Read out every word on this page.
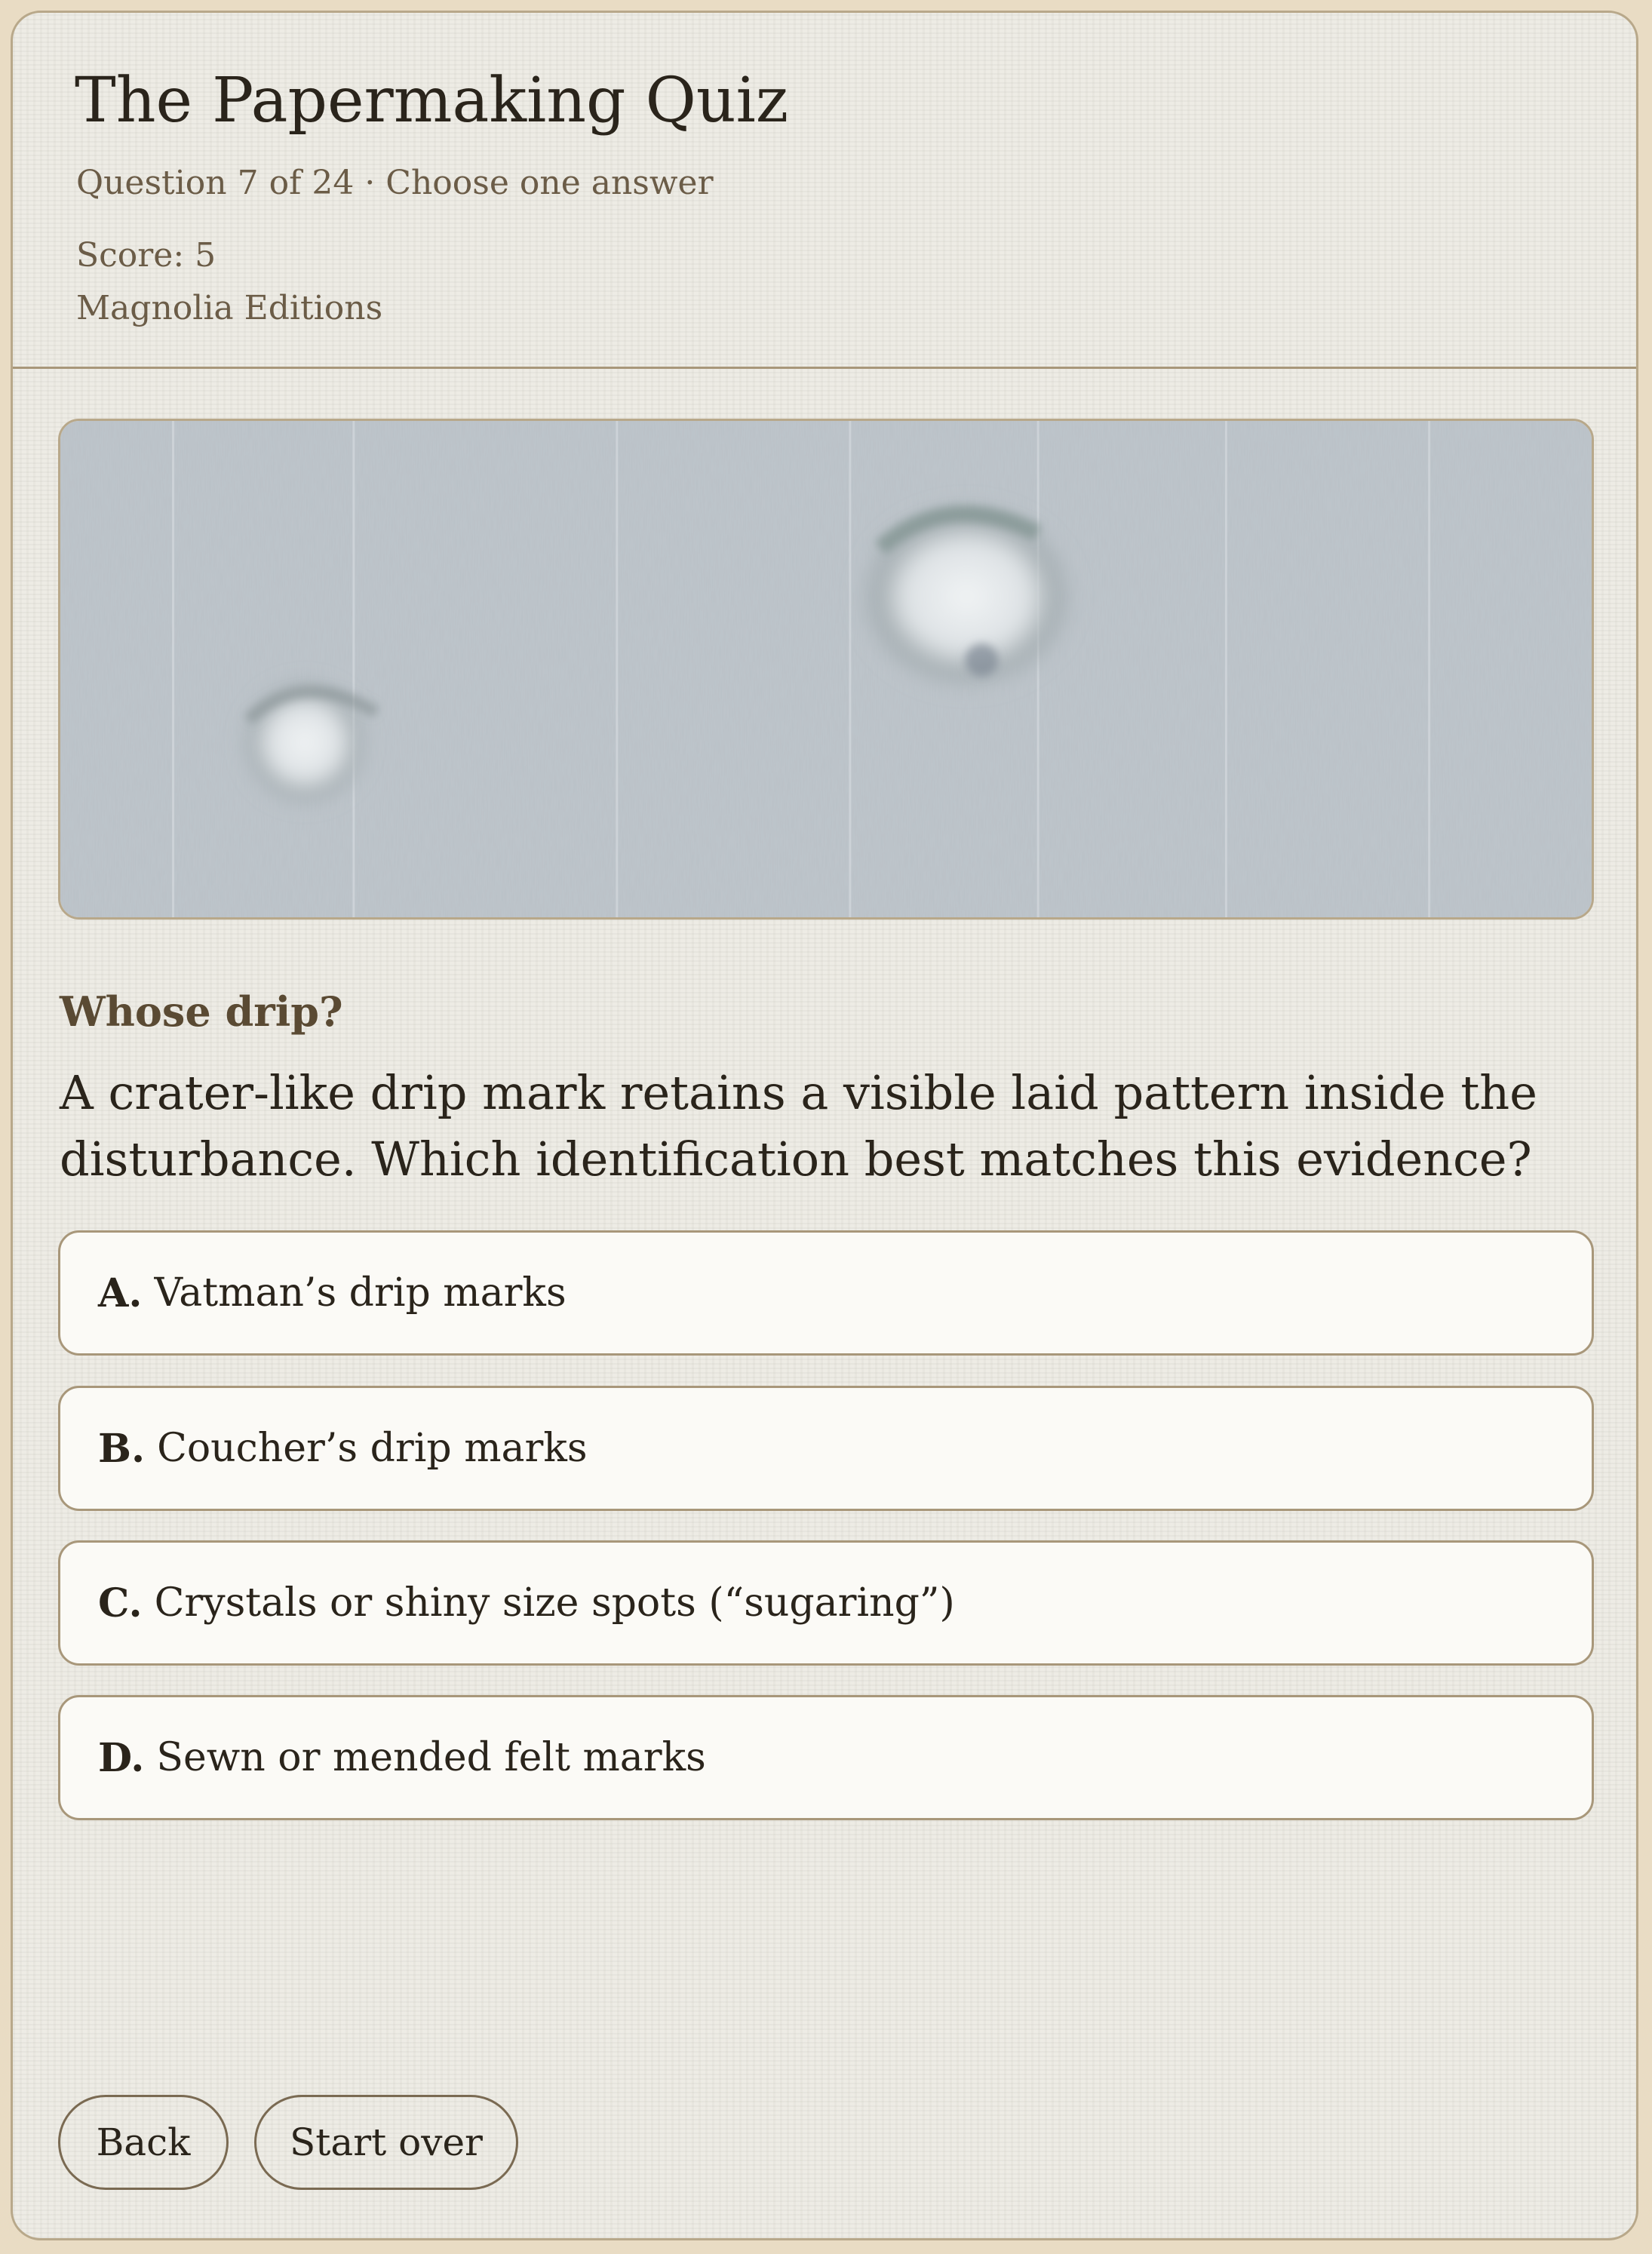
The Papermaking Quiz
Question 7 of 24 · Choose one answer
Score: 5
Magnolia Editions
Whose drip?

A crater-like drip mark retains a visible laid pattern inside the disturbance. Which identification best matches this evidence?

A. Vatman’s drip marks
B. Coucher’s drip marks
C. Crystals or shiny size spots (“sugaring”)
D. Sewn or mended felt marks
Back	Start over
